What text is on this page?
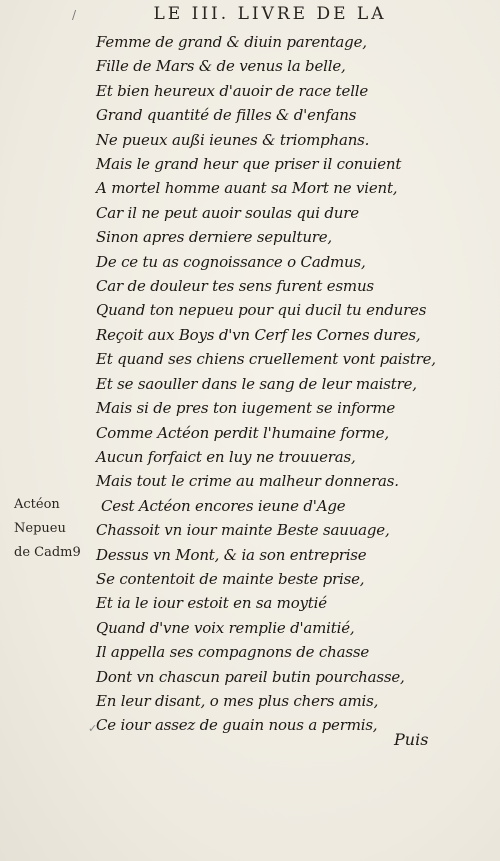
/	LE III. LIVRE DE LA
Femme de grand & diuin parentage,
Fille de Mars & de venus la belle,
Et bien heureux d'auoir de race telle
Grand quantité de filles & d'enfans
Ne pueux außi ieunes & triomphans.
Mais le grand heur que priser il conuient
A mortel homme auant sa Mort ne vient,
Car il ne peut auoir soulas qui dure
Sinon apres derniere sepulture,
De ce tu as cognoissance o Cadmus,
Car de douleur tes sens furent esmus
Quand ton nepueu pour qui ducil tu endures
Reçoit aux Boys d'vn Cerf les Cornes dures,
Et quand ses chiens cruellement vont paistre,
Et se saouller dans le sang de leur maistre,
Mais si de pres ton iugement se informe
Comme Actéon perdit l'humaine forme,
Aucun forfaict en luy ne trouueras,
Mais tout le crime au malheur donneras.
Cest Actéon encores ieune d'Age
Chassoit vn iour mainte Beste sauuage,
Dessus vn Mont, & ia son entreprise
Se contentoit de mainte beste prise,
Et ia le iour estoit en sa moytié
Quand d'vne voix remplie d'amitié,
Il appella ses compagnons de chasse
Dont vn chascun pareil butin pourchasse,
En leur disant, o mes plus chers amis,
Ce iour assez de guain nous a permis,
Actéon
Nepueu
de Cadm9
✓
Puis
